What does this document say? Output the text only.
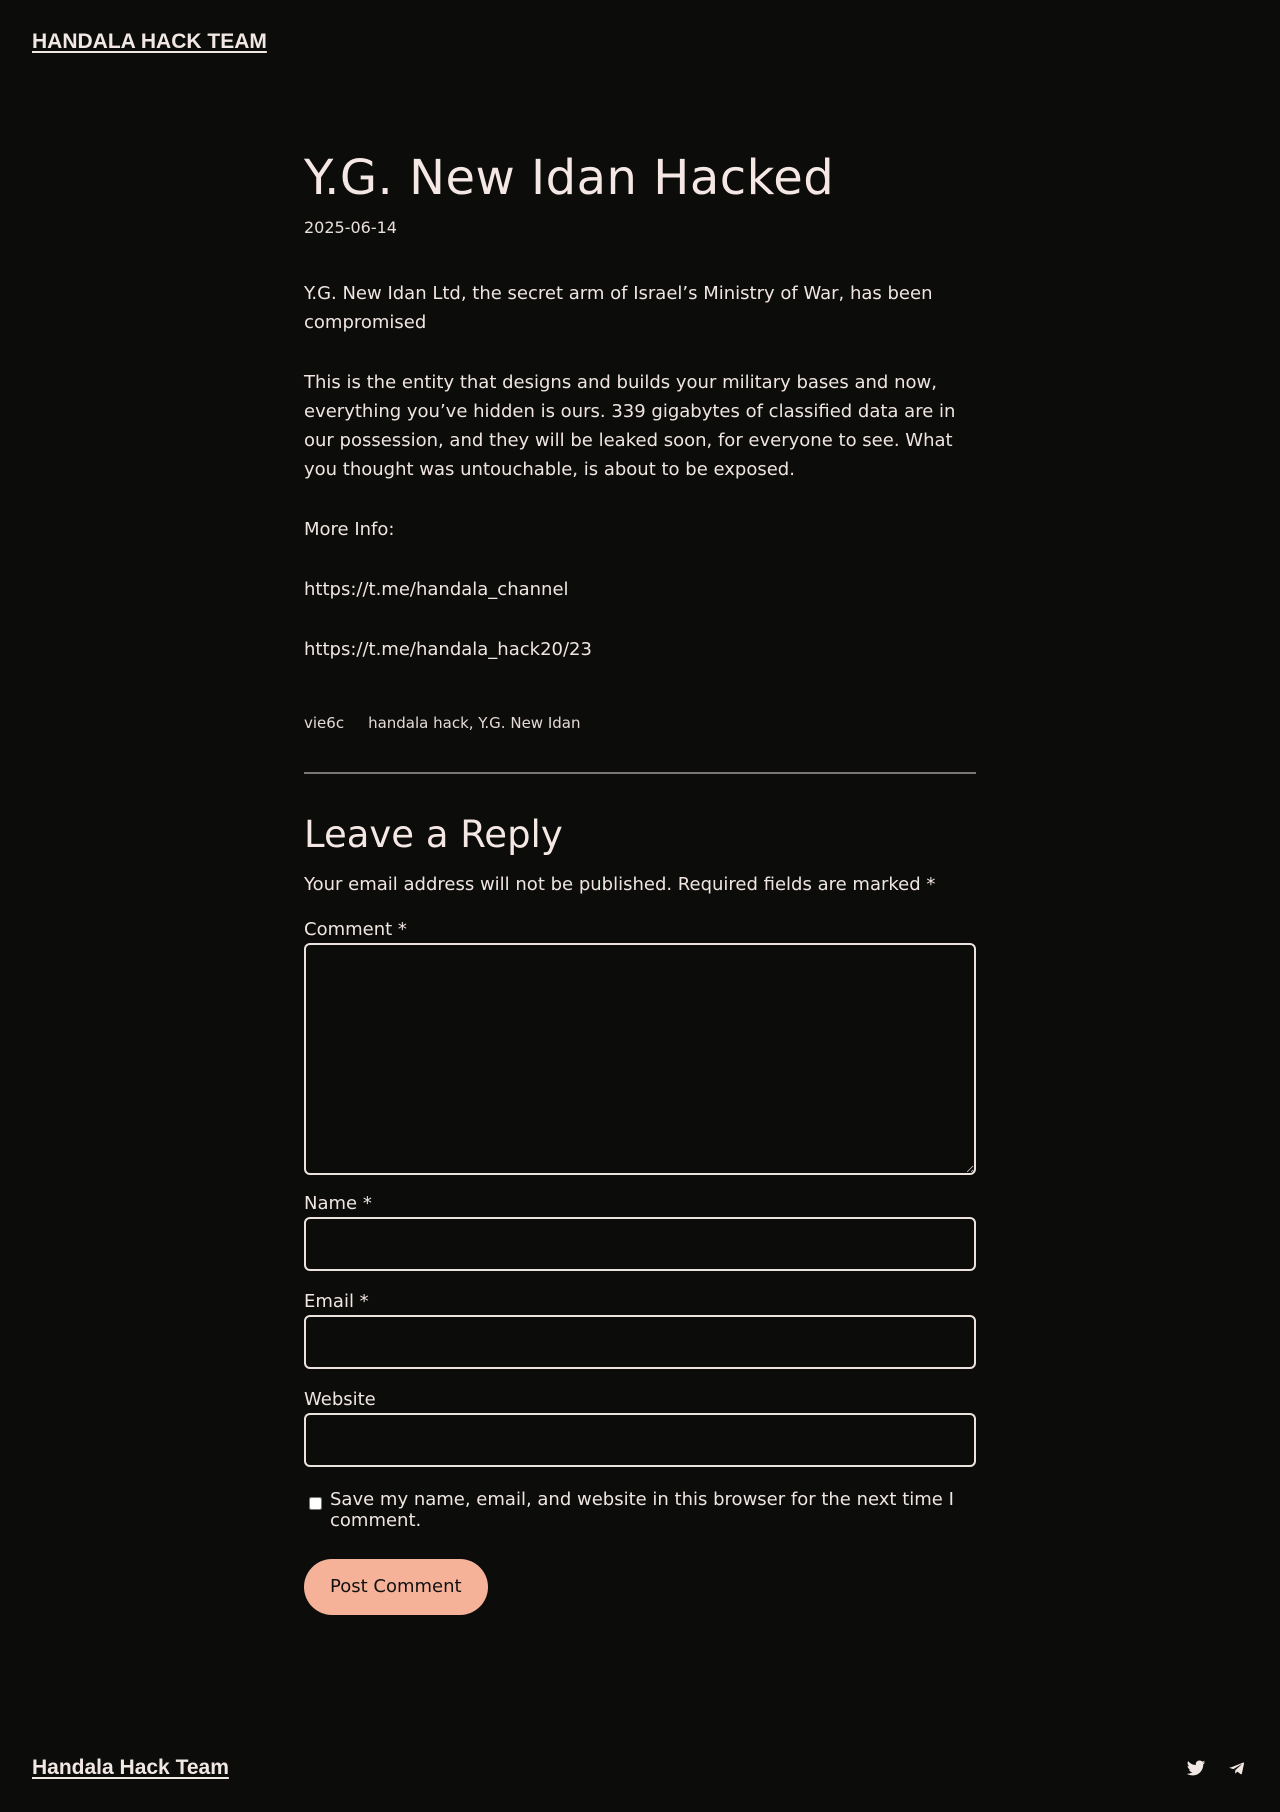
HANDALA HACK TEAM
Y.G. New Idan Hacked
2025-06-14

Y.G. New Idan Ltd, the secret arm of Israel’s Ministry of War, has been compromised

This is the entity that designs and builds your military bases and now, everything you’ve hidden is ours. 339 gigabytes of classified data are in our possession, and they will be leaked soon, for everyone to see. What you thought was untouchable, is about to be exposed.

More Info:

https://t.me/handala_channel

https://t.me/handala_hack20/23

vie6c handala hack, Y.G. New Idan
Leave a Reply

Your email address will not be published. Required fields are marked *

Comment *
Name *
Email *
Website
Save my name, email, and website in this browser for the next time I comment.
Post Comment
Handala Hack Team
